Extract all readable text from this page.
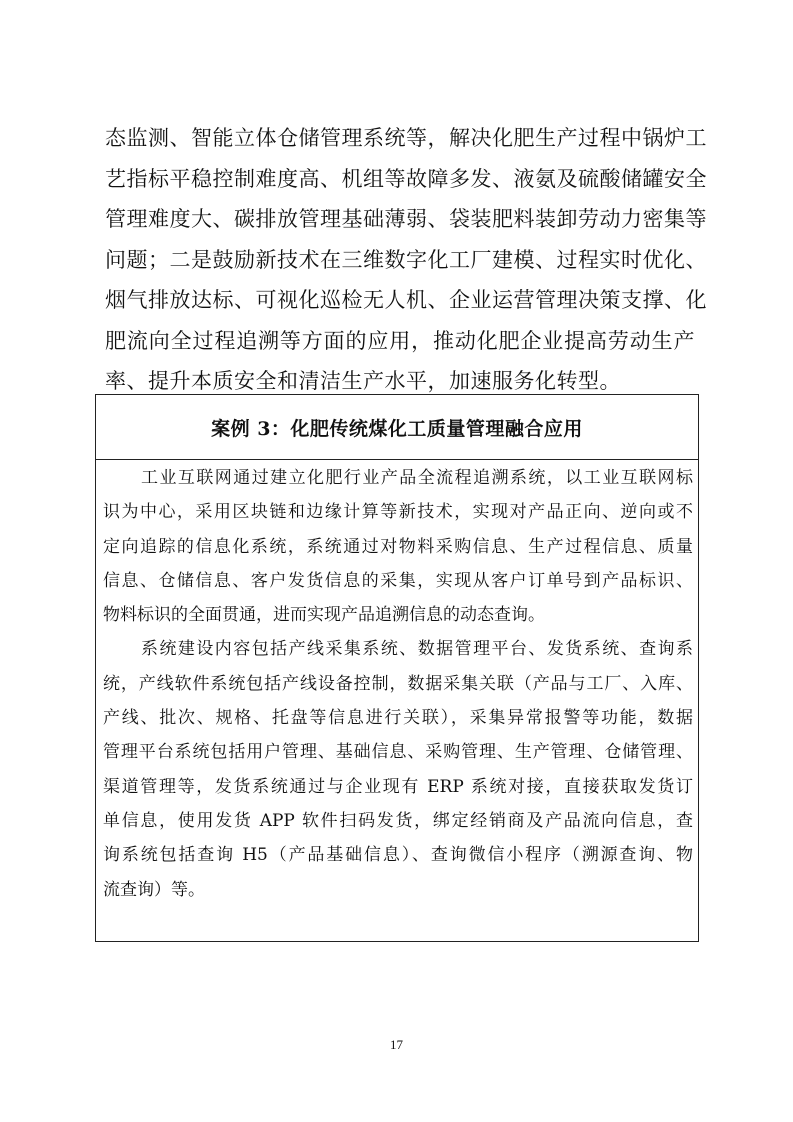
态监测、智能立体仓储管理系统等，解决化肥生产过程中锅炉工
艺指标平稳控制难度高、机组等故障多发、液氨及硫酸储罐安全
管理难度大、碳排放管理基础薄弱、袋装肥料装卸劳动力密集等
问题；二是鼓励新技术在三维数字化工厂建模、过程实时优化、
烟气排放达标、可视化巡检无人机、企业运营管理决策支撑、化
肥流向全过程追溯等方面的应用，推动化肥企业提高劳动生产
率、提升本质安全和清洁生产水平，加速服务化转型。
案例 3：化肥传统煤化工质量管理融合应用
工业互联网通过建立化肥行业产品全流程追溯系统，以工业互联网标
识为中心，采用区块链和边缘计算等新技术，实现对产品正向、逆向或不
定向追踪的信息化系统，系统通过对物料采购信息、生产过程信息、质量
信息、仓储信息、客户发货信息的采集，实现从客户订单号到产品标识、
物料标识的全面贯通，进而实现产品追溯信息的动态查询。
系统建设内容包括产线采集系统、数据管理平台、发货系统、查询系
统，产线软件系统包括产线设备控制，数据采集关联（产品与工厂、入库、
产线、批次、规格、托盘等信息进行关联），采集异常报警等功能，数据
管理平台系统包括用户管理、基础信息、采购管理、生产管理、仓储管理、
渠道管理等，发货系统通过与企业现有 ERP 系统对接，直接获取发货订
单信息，使用发货 APP 软件扫码发货，绑定经销商及产品流向信息，查
询系统包括查询 H5（产品基础信息）、查询微信小程序（溯源查询、物
流查询）等。
17
